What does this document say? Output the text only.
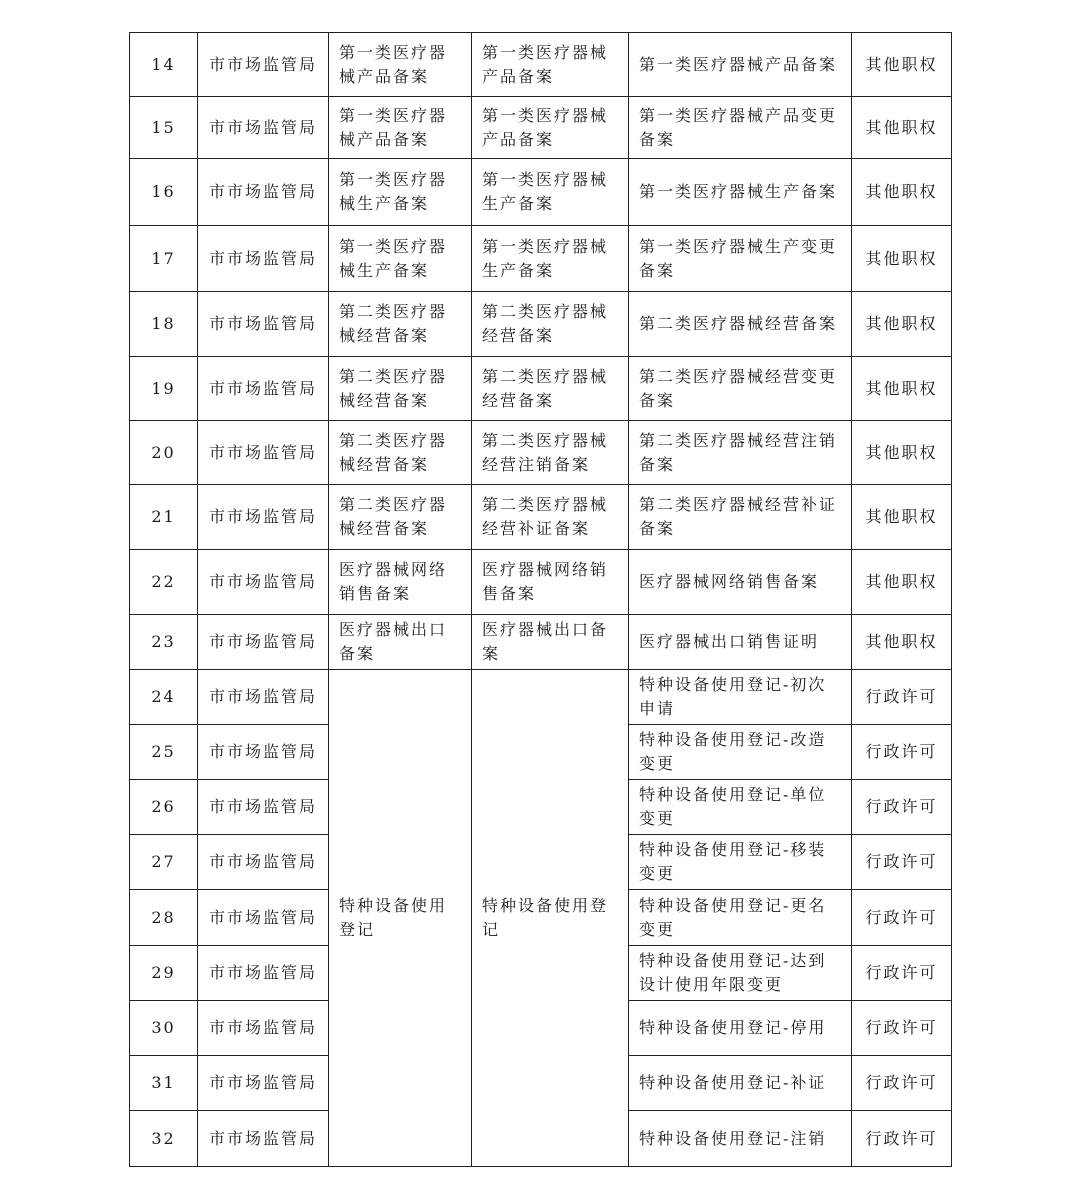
14	市市场监管局	第一类医疗器械产品备案	第一类医疗器械产品备案	第一类医疗器械产品备案	其他职权
15	市市场监管局	第一类医疗器械产品备案	第一类医疗器械产品备案	第一类医疗器械产品变更备案	其他职权
16	市市场监管局	第一类医疗器械生产备案	第一类医疗器械生产备案	第一类医疗器械生产备案	其他职权
17	市市场监管局	第一类医疗器械生产备案	第一类医疗器械生产备案	第一类医疗器械生产变更备案	其他职权
18	市市场监管局	第二类医疗器械经营备案	第二类医疗器械经营备案	第二类医疗器械经营备案	其他职权
19	市市场监管局	第二类医疗器械经营备案	第二类医疗器械经营备案	第二类医疗器械经营变更备案	其他职权
20	市市场监管局	第二类医疗器械经营备案	第二类医疗器械经营注销备案	第二类医疗器械经营注销备案	其他职权
21	市市场监管局	第二类医疗器械经营备案	第二类医疗器械经营补证备案	第二类医疗器械经营补证备案	其他职权
22	市市场监管局	医疗器械网络销售备案	医疗器械网络销售备案	医疗器械网络销售备案	其他职权
23	市市场监管局	医疗器械出口备案	医疗器械出口备案	医疗器械出口销售证明	其他职权
24	市市场监管局	特种设备使用登记	特种设备使用登记	特种设备使用登记-初次申请	行政许可
25	市市场监管局			特种设备使用登记-改造变更	行政许可
26	市市场监管局			特种设备使用登记-单位变更	行政许可
27	市市场监管局			特种设备使用登记-移装变更	行政许可
28	市市场监管局			特种设备使用登记-更名变更	行政许可
29	市市场监管局			特种设备使用登记-达到设计使用年限变更	行政许可
30	市市场监管局			特种设备使用登记-停用	行政许可
31	市市场监管局			特种设备使用登记-补证	行政许可
32	市市场监管局			特种设备使用登记-注销	行政许可
